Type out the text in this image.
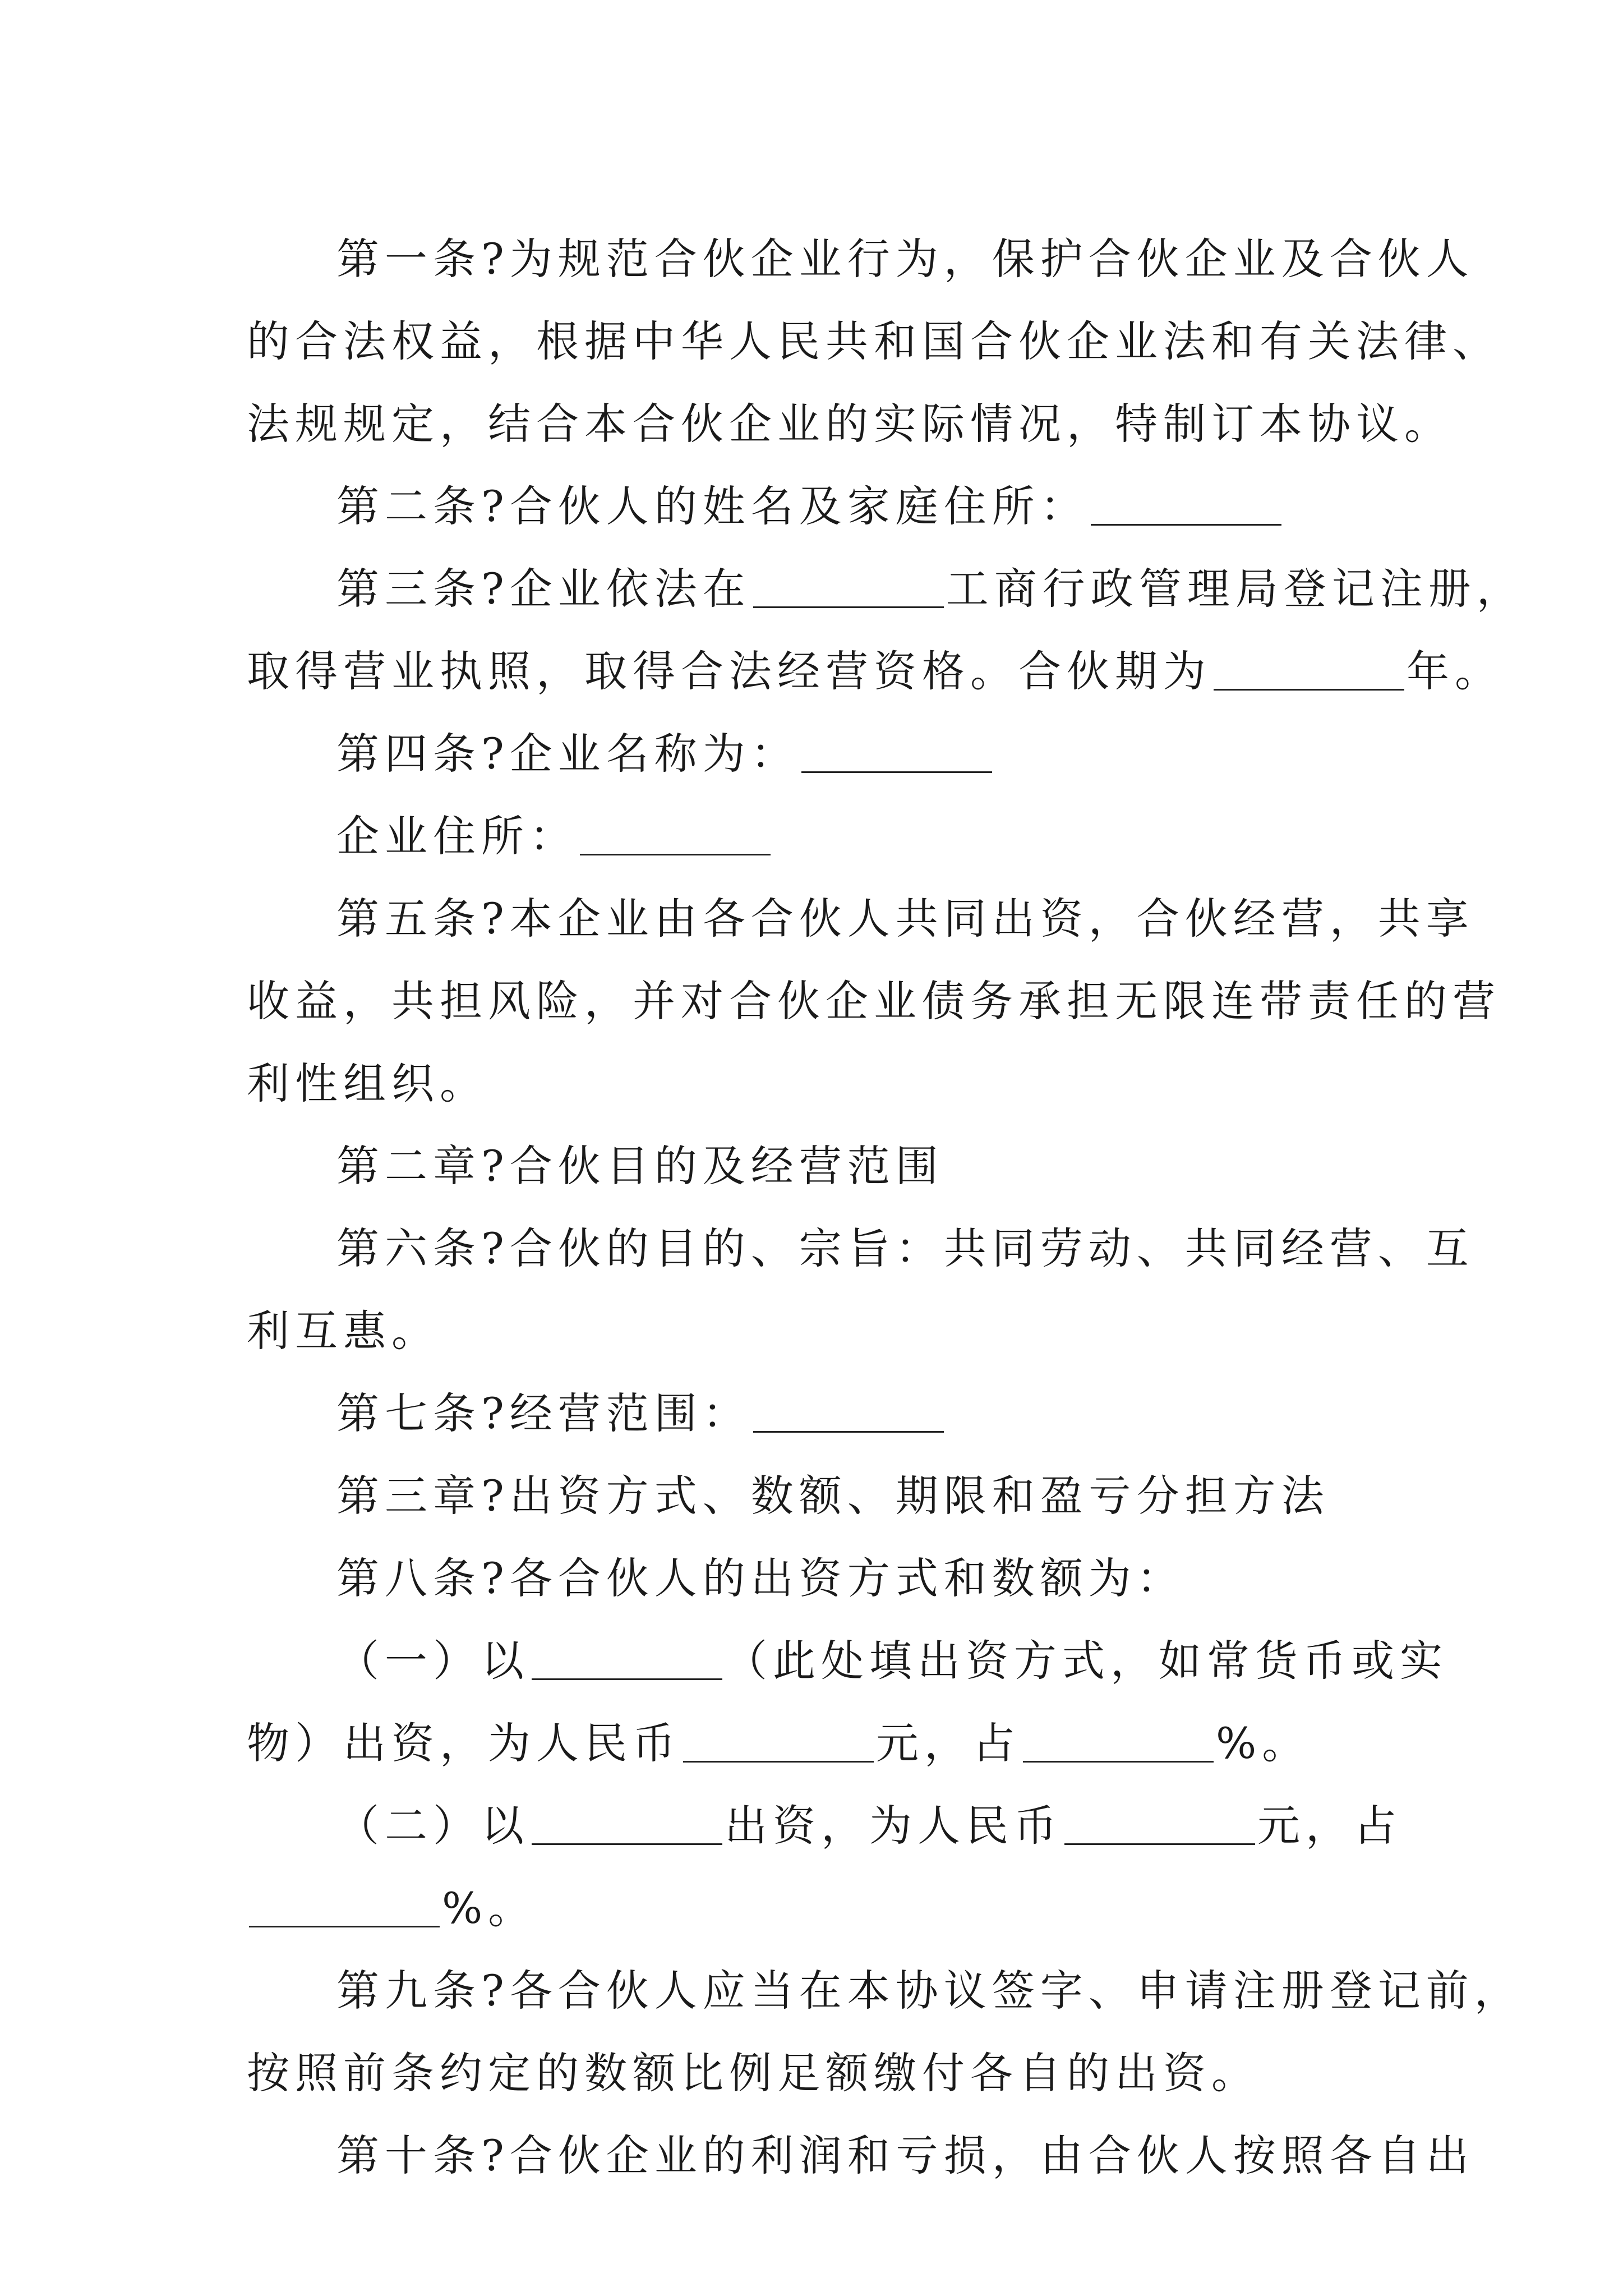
第一条?为规范合伙企业行为，保护合伙企业及合伙人
的合法权益，根据中华人民共和国合伙企业法和有关法律、
法规规定，结合本合伙企业的实际情况，特制订本协议。
第二条?合伙人的姓名及家庭住所：
第三条?企业依法在	工商行政管理局登记注册，
取得营业执照，取得合法经营资格。合伙期为	年。
第四条?企业名称为：
企业住所：
第五条?本企业由各合伙人共同出资，合伙经营，共享
收益，共担风险，并对合伙企业债务承担无限连带责任的营
利性组织。
第二章?合伙目的及经营范围
第六条?合伙的目的、宗旨：共同劳动、共同经营、互
利互惠。
第七条?经营范围：
第三章?出资方式、数额、期限和盈亏分担方法
第八条?各合伙人的出资方式和数额为：
（一）以	（此处填出资方式，如常货币或实
物）出资，为人民币	元，占	%。
（二）以	出资，为人民币	元，占
%。
第九条?各合伙人应当在本协议签字、申请注册登记前，
按照前条约定的数额比例足额缴付各自的出资。
第十条?合伙企业的利润和亏损，由合伙人按照各自出
